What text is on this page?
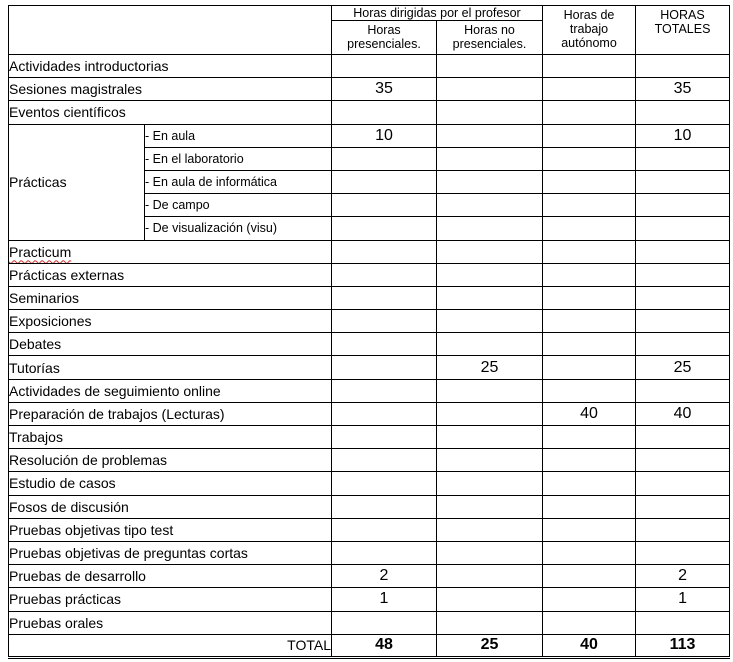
		Horas dirigidas por el profesor		Horas de trabajo autónomo	HORAS TOTALES
		Horas presenciales.	Horas no presenciales.		
Actividades introductorias					
Sesiones magistrales		35			35
Eventos científicos					
Prácticas	- En aula	10			10
	- En el laboratorio				
	- En aula de informática				
	- De campo				
	- De visualización (visu)				
Practicum					
Prácticas externas					
Seminarios					
Exposiciones					
Debates					
Tutorías			25		25
Actividades de seguimiento online					
Preparación de trabajos (Lecturas)				40	40
Trabajos					
Resolución de problemas					
Estudio de casos					
Fosos de discusión					
Pruebas objetivas tipo test					
Pruebas objetivas de preguntas cortas					
Pruebas de desarrollo		2			2
Pruebas prácticas		1			1
Pruebas orales					
TOTAL		48	25	40	113
